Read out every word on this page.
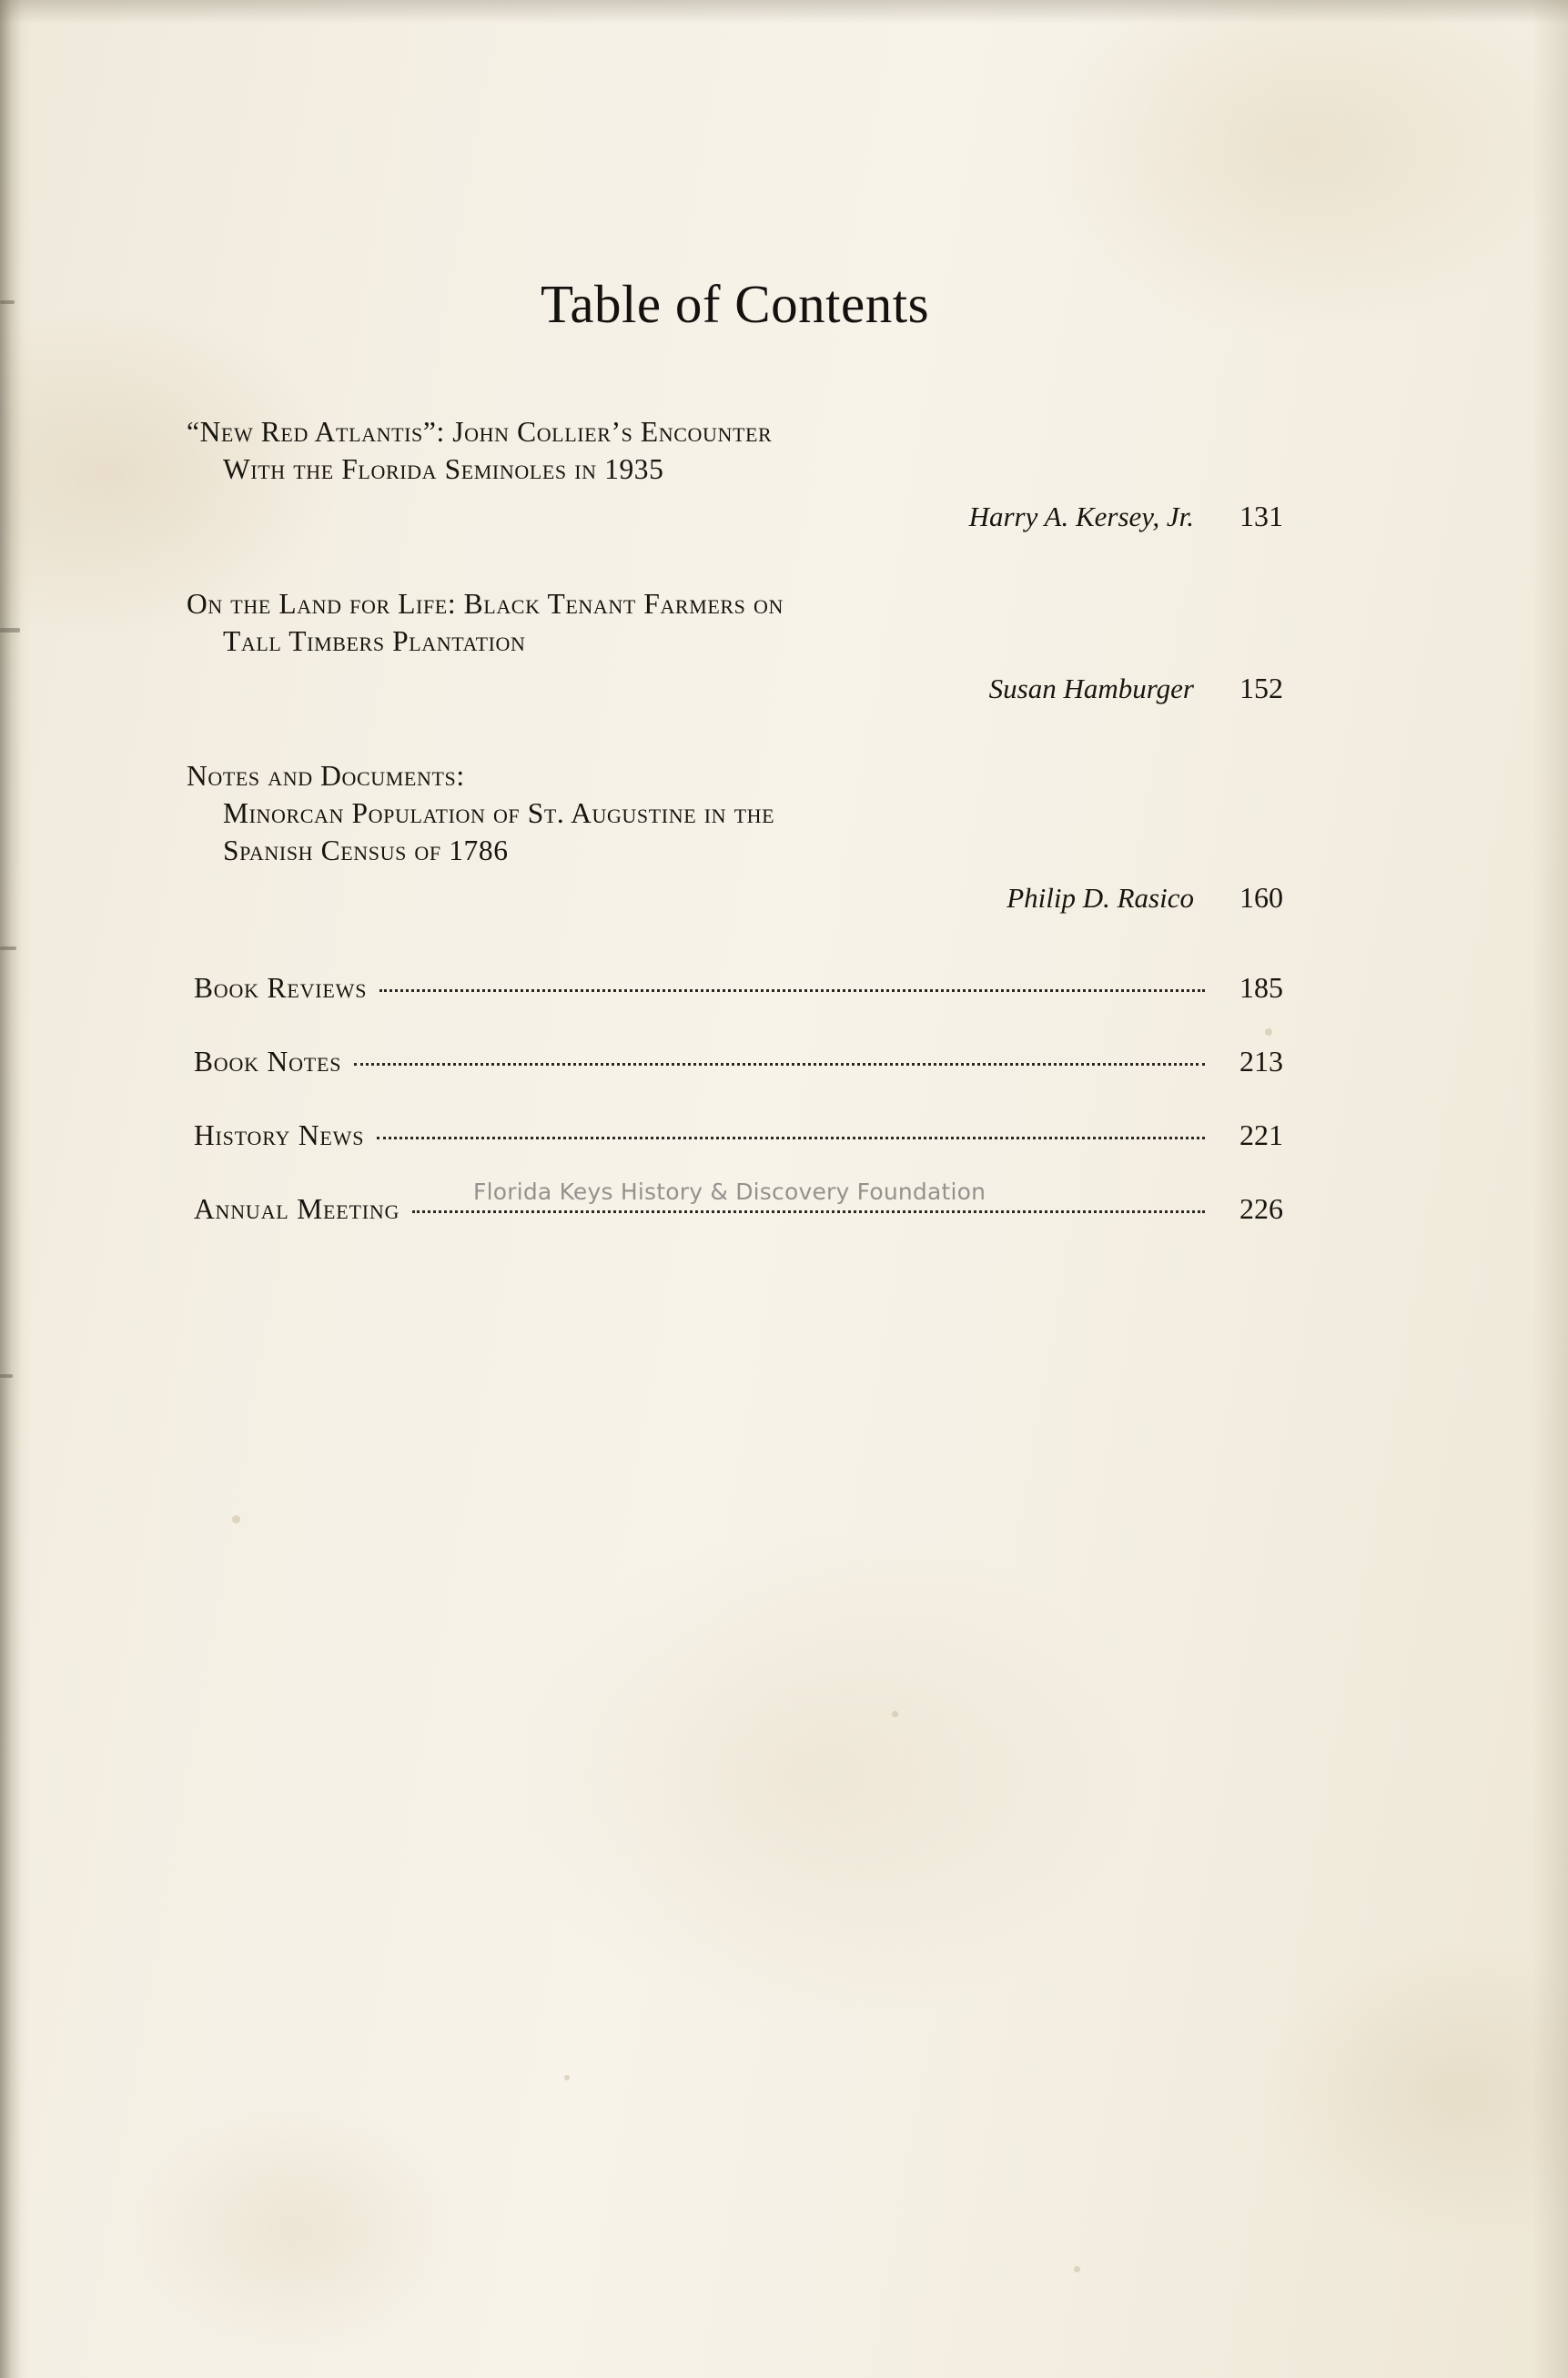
Table of Contents
“New Red Atlantis”: John Collier’s Encounter
With the Florida Seminoles in 1935
Harry A. Kersey, Jr.	131
On the Land for Life: Black Tenant Farmers on
Tall Timbers Plantation
Susan Hamburger	152
Notes and Documents:
Minorcan Population of St. Augustine in the
Spanish Census of 1786
Philip D. Rasico	160
Book Reviews	185
Book Notes	213
History News	221
Annual Meeting	226
Florida Keys History & Discovery Foundation
